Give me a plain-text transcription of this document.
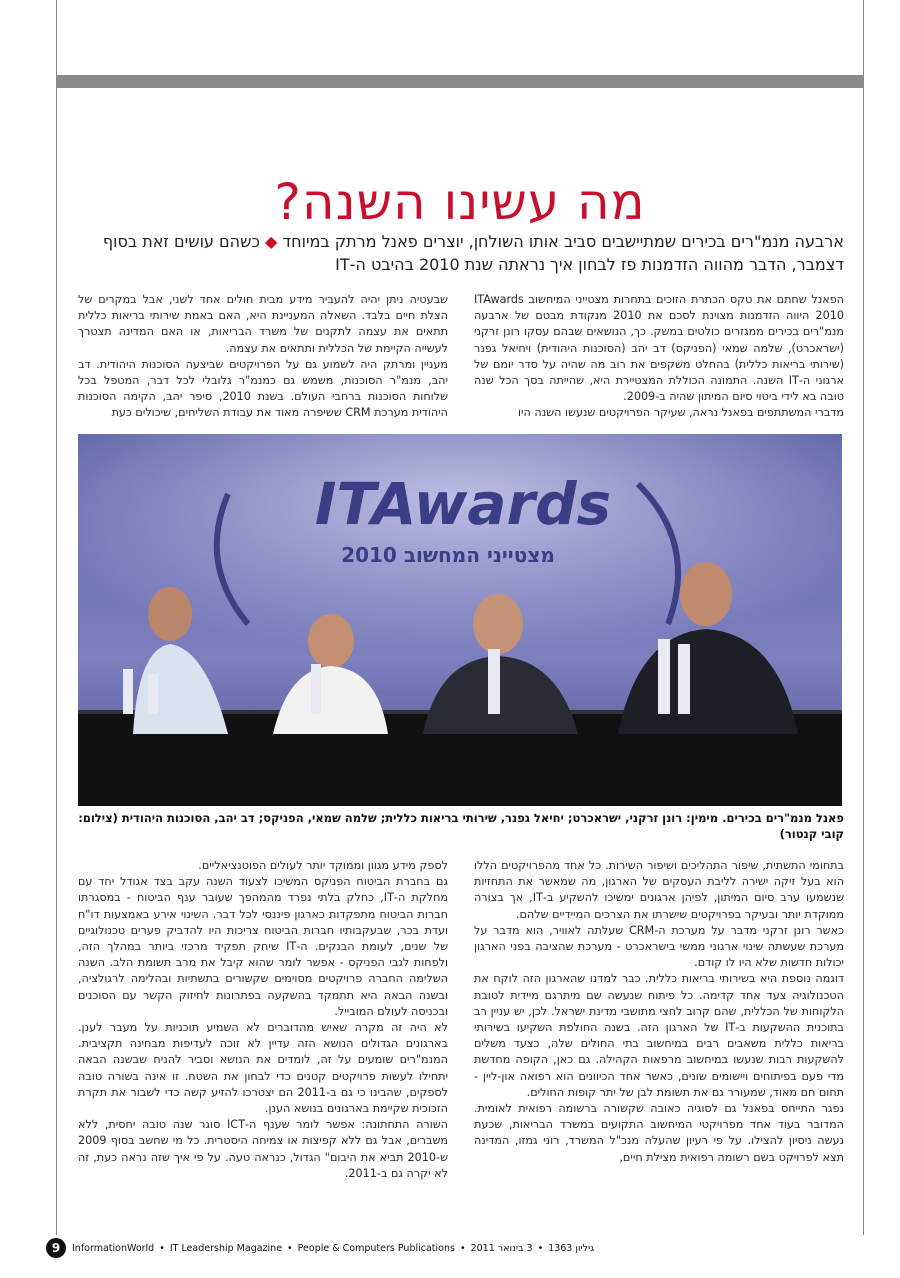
מה עשינו השנה?
ארבעה מנמ"רים בכירים שמתיישבים סביב אותו השולחן, יוצרים פאנל מרתק במיוחד ◆ כשהם עושים זאת בסוף דצמבר, הדבר מהווה הזדמנות פז לבחון איך נראתה שנת 2010 בהיבט ה-IT

הפאנל שחתם את טקס הכתרת הזוכים בתחרות מצטייני המיחשוב ITAwards 2010 היווה הזדמנות מצוינת לסכם את 2010 מנקודת מבטם של ארבעה מנמ"רים בכירים ממגזרים כולטים במשק. כך, הנושאים שבהם עסקו רונן זרקני (ישראכרט), שלמה שמאי (הפניקס) דב יהב (הסוכנות היהודית) ויחיאל גפנר (שירותי בריאות כללית) בהחלט משקפים את רוב מה שהיה על סדר יומם של ארגוני ה-IT השנה. התמונה הכוללת המצטיירת היא, שהייתה בסך הכל שנה טובה בא לידי ביטוי סיום המיתון שהיה ב-2009.

מדברי המשתתפים בפאנל נראה, שעיקר הפרויקטים שנעשו השנה היו

שבעטיה ניתן יהיה להעביר מידע מבית חולים אחד לשני, אבל במקרים של הצלת חיים בלבד. השאלה המעניינת היא, האם באמת שירותי בריאות כללית תתאים את עצמה לתקנים של משרד הבריאות, או האם המדינה תצטרך לעשייה הקיימת של הכללית ותתאים את עצמה.

מעניין ומרתק היה לשמוע גם על הפרויקטים שביצעה הסוכנות היהודית. דב יהב, מנמ"ר הסוכנות, משמש גם כמנמ"ר גלובלי לכל דבר, המטפל בכל שלוחות הסוכנות ברחבי העולם. בשנת 2010, סיפר יהב, הקימה הסוכנות היהודית מערכת CRM ששיפרה מאוד את עבודת השליחים, שיכולים כעת

ITAwards
מצטייני המחשוב 2010
פאנל מנמ"רים בכירים. מימין: רונן זרקני, ישראכרט; יחיאל גפנר, שירותי בריאות כללית; שלמה שמאי, הפניקס; דב יהב, הסוכנות היהודית (צילום: קובי קנטור)

בתחומי התשתית, שיפור התהליכים ושיפור השירות. כל אחד מהפרויקטים הללו הוא בעל זיקה ישירה לליבת העסקים של הארגון, מה שמאשר את התחזיות שנשמעו ערב סיום המיתון, לפיהן ארגונים ימשיכו להשקיע ב-IT, אך בצורה ממוקדת יותר ובעיקר בפרויקטים שישרתו את הצרכים המיידיים שלהם.

כאשר רונן זרקני מדבר על מערכת ה-CRM שעלתה לאוויר, הוא מדבר על מערכת שעשתה שינוי ארגוני ממשי בישראכרט - מערכת שהציבה בפני הארגון יכולות חדשות שלא היו לו קודם.

דוגמה נוספת היא בשירותי בריאות כללית. כבר למדנו שהארגון הזה לוקח את הטכנולוגיה צעד אחד קדימה. כל פיתוח שנעשה שם מיתרגם מיידית לטובת הלקוחות של הכללית, שהם קרוב לחצי מתושבי מדינת ישראל. לכן, יש עניין רב בתוכנית ההשקעות ב-IT של הארגון הזה. בשנה החולפת השקיעו בשירותי בריאות כללית משאבים רבים במיחשוב בתי החולים שלה, כצעד משלים להשקעות רבות שנעשו במיחשוב מרפאות הקהילה. גם כאן, הקופה מחדשת מדי פעם בפיתוחים ויישומים שונים, כאשר אחד הכיוונים הוא רפואה און-ליין - תחום חם מאוד, שמעורר גם את תשומת לבן של יתר קופות החולים.

נפגר התייחס בפאנל גם לסוגיה כאובה שקשורה ברשומה רפואית לאומית. המדובר בעוד אחד מפרויקטי המיחשוב התקועים במשרד הבריאות, שכעת נעשה ניסיון להצילו. על פי רעיון שהעלה מנכ"ל המשרד, רוני גמזו, המדינה תצא לפרויקט בשם רשומה רפואית מצילת חיים,

לספק מידע מגוון וממוקד יותר לעולים הפוטנציאליים.

גם בחברת הביטוח הפניקס המשיכו לצעוד השנה עקב בצד אגודל יחד עם מחלקת ה-IT, כחלק בלתי נפרד מהמהפך שעובר ענף הביטוח - במסגרתו חברות הביטוח מתפקדות כארגון פיננסי לכל דבר. השינוי אירע באמצעות דו"ח ועדת בכר, שבעקבותיו חברות הביטוח צריכות היו להדביק פערים טכנולוגיים של שנים, לעומת הבנקים. ה-IT שיחק תפקיד מרכזי ביותר במהלך הזה, ולפחות לגבי הפניקס - אפשר לומר שהוא קיבל את מרב תשומת הלב. השנה השלימה החברה פרויקטים מסוימים שקשורים בתשתיות ובהלימה לרגולציה, ובשנה הבאה היא תתמקד בהשקעה בפתרונות לחיזוק הקשר עם הסוכנים ובכניסה לעולם המובייל.

לא היה זה מקרה שאיש מהדוברים לא השמיע תוכניות על מעבר לענן. בארגונים הגדולים הנושא הזה עדיין לא זוכה לעדיפות מבחינה תקציבית. המנמ"רים שומעים על זה, לומדים את הנושא וסביר להניח שבשנה הבאה יתחילו לעשות פרויקטים קטנים כדי לבחון את השטח. זו אינה בשורה טובה לספקים, שהבינו כי גם ב-2011 הם יצטרכו להזיע קשה כדי לשבור את תקרת הזכוכית שקיימת בארגונים בנושא הענן.

השורה התחתונה: אפשר לומר שענף ה-ICT סוגר שנה טובה יחסית, ללא משברים, אבל גם ללא קפיצות או צמיחה היסטרית. כל מי שחשב בסוף 2009 ש-2010 תביא את היבום" הגדול, כנראה טעה. על פי איך שזה נראה כעת, זה לא יקרה גם ב-2011.

9	InformationWorld • IT Leadership Magazine • People & Computers Publications • 3 בינואר 2011 • גיליון 1363
